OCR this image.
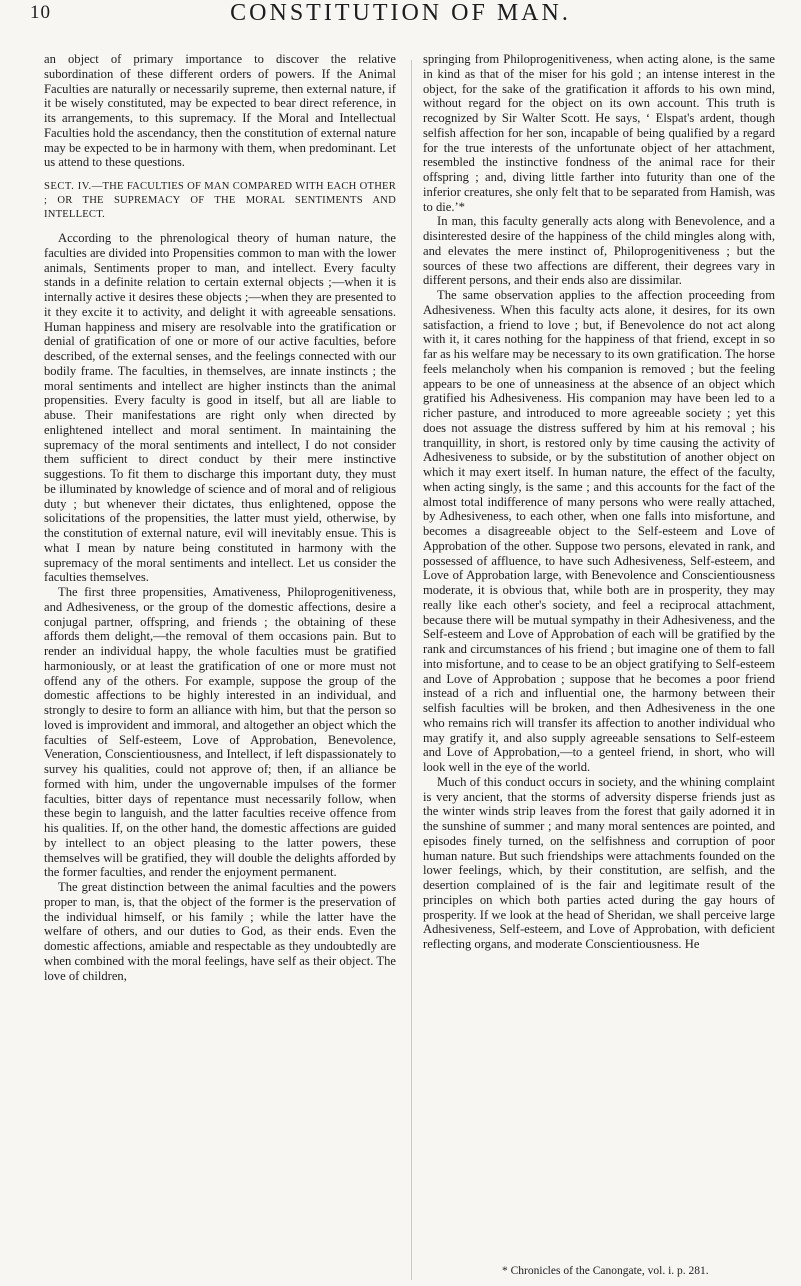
10	CONSTITUTION OF MAN.

an object of primary importance to discover the relative subordination of these different orders of powers. If the Animal Faculties are naturally or necessarily supreme, then external nature, if it be wisely constituted, may be expected to bear direct reference, in its arrangements, to this supremacy. If the Moral and Intellectual Faculties hold the ascendancy, then the constitution of external nature may be expected to be in harmony with them, when predominant. Let us attend to these questions.

SECT. IV.—THE FACULTIES OF MAN COMPARED WITH EACH OTHER ; OR THE SUPREMACY OF THE MORAL SENTIMENTS AND INTELLECT.

According to the phrenological theory of human nature, the faculties are divided into Propensities common to man with the lower animals, Sentiments proper to man, and intellect. Every faculty stands in a definite relation to certain external objects ;—when it is internally active it desires these objects ;—when they are presented to it they excite it to activity, and delight it with agreeable sensations. Human happiness and misery are resolvable into the gratification or denial of gratification of one or more of our active faculties, before described, of the external senses, and the feelings connected with our bodily frame. The faculties, in themselves, are innate instincts ; the moral sentiments and intellect are higher instincts than the animal propensities. Every faculty is good in itself, but all are liable to abuse. Their manifestations are right only when directed by enlightened intellect and moral sentiment. In maintaining the supremacy of the moral sentiments and intellect, I do not consider them sufficient to direct conduct by their mere instinctive suggestions. To fit them to discharge this important duty, they must be illuminated by knowledge of science and of moral and of religious duty ; but whenever their dictates, thus enlightened, oppose the solicitations of the propensities, the latter must yield, otherwise, by the constitution of external nature, evil will inevitably ensue. This is what I mean by nature being constituted in harmony with the supremacy of the moral sentiments and intellect. Let us consider the faculties themselves.

The first three propensities, Amativeness, Philoprogenitiveness, and Adhesiveness, or the group of the domestic affections, desire a conjugal partner, offspring, and friends ; the obtaining of these affords them delight,—the removal of them occasions pain. But to render an individual happy, the whole faculties must be gratified harmoniously, or at least the gratification of one or more must not offend any of the others. For example, suppose the group of the domestic affections to be highly interested in an individual, and strongly to desire to form an alliance with him, but that the person so loved is improvident and immoral, and altogether an object which the faculties of Self-esteem, Love of Approbation, Benevolence, Veneration, Conscientiousness, and Intellect, if left dispassionately to survey his qualities, could not approve of; then, if an alliance be formed with him, under the ungovernable impulses of the former faculties, bitter days of repentance must necessarily follow, when these begin to languish, and the latter faculties receive offence from his qualities. If, on the other hand, the domestic affections are guided by intellect to an object pleasing to the latter powers, these themselves will be gratified, they will double the delights afforded by the former faculties, and render the enjoyment permanent.

The great distinction between the animal faculties and the powers proper to man, is, that the object of the former is the preservation of the individual himself, or his family ; while the latter have the welfare of others, and our duties to God, as their ends. Even the domestic affections, amiable and respectable as they undoubtedly are when combined with the moral feelings, have self as their object. The love of children,

springing from Philoprogenitiveness, when acting alone, is the same in kind as that of the miser for his gold ; an intense interest in the object, for the sake of the gratification it affords to his own mind, without regard for the object on its own account. This truth is recognized by Sir Walter Scott. He says, ‘ Elspat's ardent, though selfish affection for her son, incapable of being qualified by a regard for the true interests of the unfortunate object of her attachment, resembled the instinctive fondness of the animal race for their offspring ; and, diving little farther into futurity than one of the inferior creatures, she only felt that to be separated from Hamish, was to die.’*

In man, this faculty generally acts along with Benevolence, and a disinterested desire of the happiness of the child mingles along with, and elevates the mere instinct of, Philoprogenitiveness ; but the sources of these two affections are different, their degrees vary in different persons, and their ends also are dissimilar.

The same observation applies to the affection proceeding from Adhesiveness. When this faculty acts alone, it desires, for its own satisfaction, a friend to love ; but, if Benevolence do not act along with it, it cares nothing for the happiness of that friend, except in so far as his welfare may be necessary to its own gratification. The horse feels melancholy when his companion is removed ; but the feeling appears to be one of unneasiness at the absence of an object which gratified his Adhesiveness. His companion may have been led to a richer pasture, and introduced to more agreeable society ; yet this does not assuage the distress suffered by him at his removal ; his tranquillity, in short, is restored only by time causing the activity of Adhesiveness to subside, or by the substitution of another object on which it may exert itself. In human nature, the effect of the faculty, when acting singly, is the same ; and this accounts for the fact of the almost total indifference of many persons who were really attached, by Adhesiveness, to each other, when one falls into misfortune, and becomes a disagreeable object to the Self-esteem and Love of Approbation of the other. Suppose two persons, elevated in rank, and possessed of affluence, to have such Adhesiveness, Self-esteem, and Love of Approbation large, with Benevolence and Conscientiousness moderate, it is obvious that, while both are in prosperity, they may really like each other's society, and feel a reciprocal attachment, because there will be mutual sympathy in their Adhesiveness, and the Self-esteem and Love of Approbation of each will be gratified by the rank and circumstances of his friend ; but imagine one of them to fall into misfortune, and to cease to be an object gratifying to Self-esteem and Love of Approbation ; suppose that he becomes a poor friend instead of a rich and influential one, the harmony between their selfish faculties will be broken, and then Adhesiveness in the one who remains rich will transfer its affection to another individual who may gratify it, and also supply agreeable sensations to Self-esteem and Love of Approbation,—to a genteel friend, in short, who will look well in the eye of the world.

Much of this conduct occurs in society, and the whining complaint is very ancient, that the storms of adversity disperse friends just as the winter winds strip leaves from the forest that gaily adorned it in the sunshine of summer ; and many moral sentences are pointed, and episodes finely turned, on the selfishness and corruption of poor human nature. But such friendships were attachments founded on the lower feelings, which, by their constitution, are selfish, and the desertion complained of is the fair and legitimate result of the principles on which both parties acted during the gay hours of prosperity. If we look at the head of Sheridan, we shall perceive large Adhesiveness, Self-esteem, and Love of Approbation, with deficient reflecting organs, and moderate Conscientiousness. He

* Chronicles of the Canongate, vol. i. p. 281.
